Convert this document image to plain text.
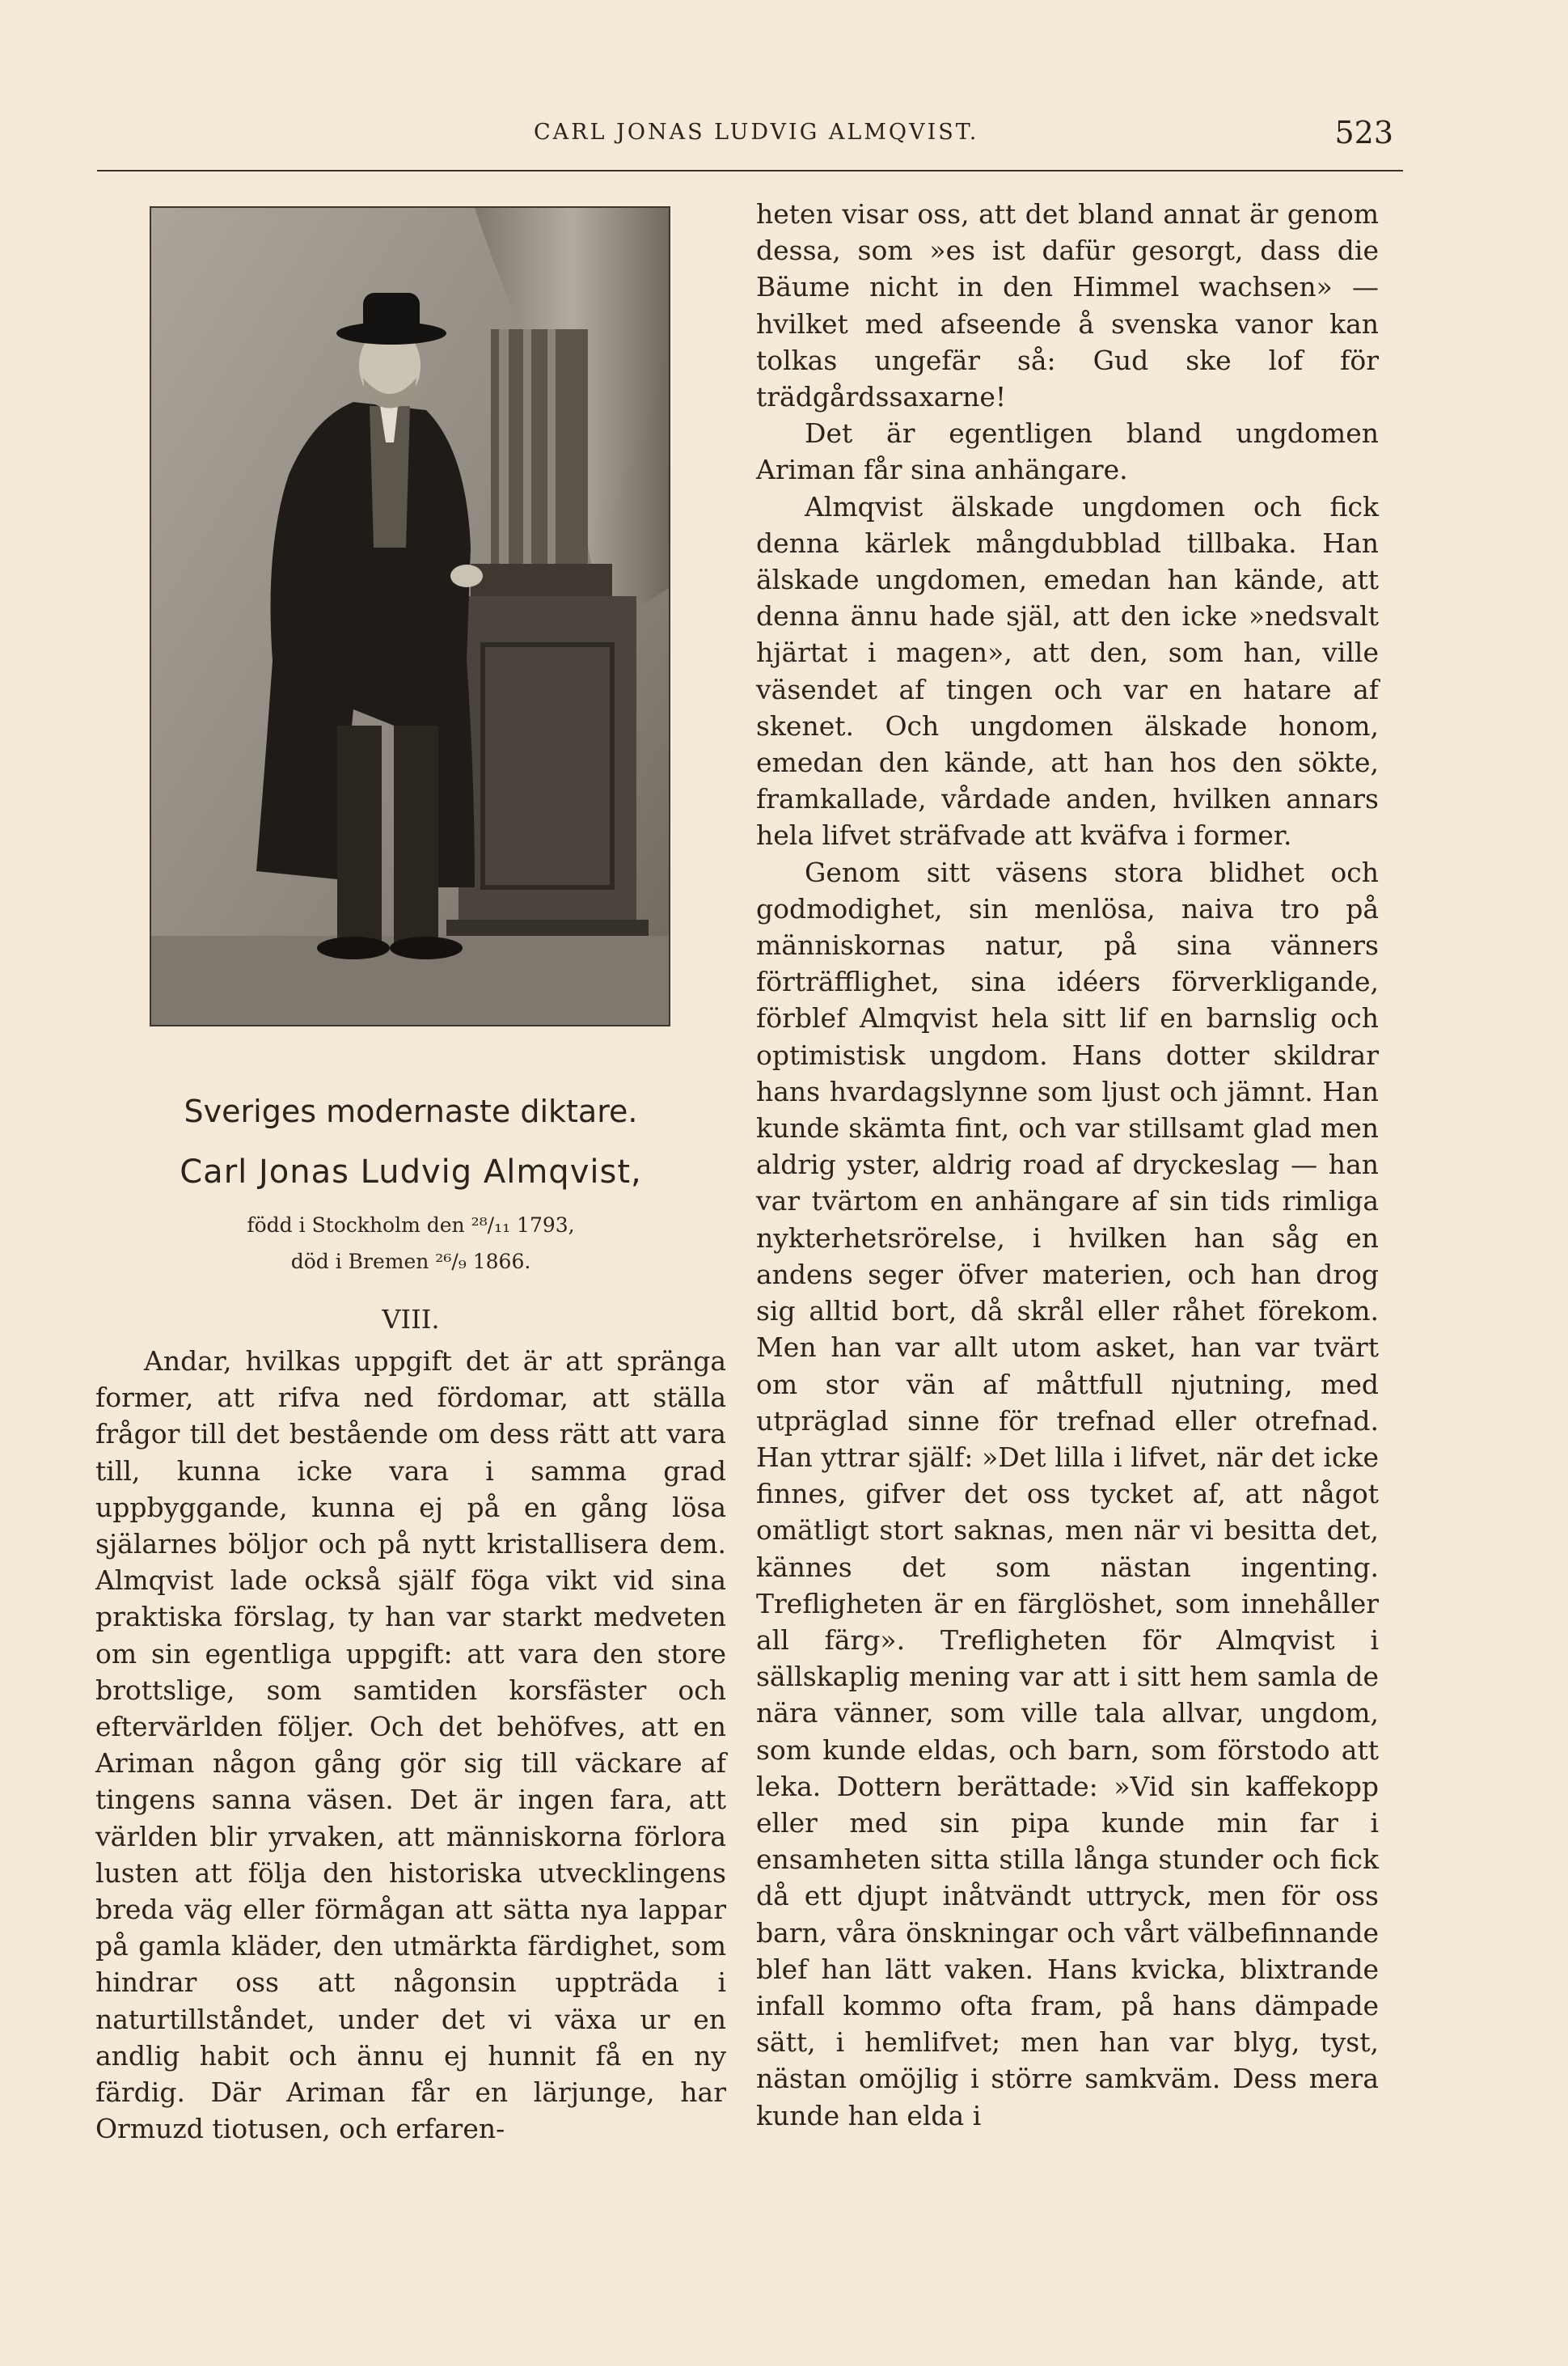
CARL JONAS LUDVIG ALMQVIST.	523
Sveriges modernaste diktare.
Carl Jonas Ludvig Almqvist,
född i Stockholm den ²⁸/₁₁ 1793,
död i Bremen ²⁶/₉ 1866.
VIII.

Andar, hvilkas uppgift det är att spränga former, att rifva ned fördomar, att ställa frågor till det bestående om dess rätt att vara till, kunna icke vara i samma grad uppbyggande, kunna ej på en gång lösa själarnes böljor och på nytt kristallisera dem. Almqvist lade också själf föga vikt vid sina praktiska förslag, ty han var starkt medveten om sin egentliga uppgift: att vara den store brottslige, som samtiden korsfäster och eftervärlden följer. Och det behöfves, att en Ariman någon gång gör sig till väckare af tingens sanna väsen. Det är ingen fara, att världen blir yrvaken, att människorna förlora lusten att följa den historiska utvecklingens breda väg eller förmågan att sätta nya lappar på gamla kläder, den utmärkta färdighet, som hindrar oss att någonsin uppträda i naturtillståndet, under det vi växa ur en andlig habit och ännu ej hunnit få en ny färdig. Där Ariman får en lärjunge, har Ormuzd tiotusen, och erfaren-

heten visar oss, att det bland annat är genom dessa, som »es ist dafür gesorgt, dass die Bäume nicht in den Himmel wachsen» — hvilket med afseende å svenska vanor kan tolkas ungefär så: Gud ske lof för trädgårdssaxarne!

Det är egentligen bland ungdomen Ariman får sina anhängare.

Almqvist älskade ungdomen och fick denna kärlek mångdubblad tillbaka. Han älskade ungdomen, emedan han kände, att denna ännu hade själ, att den icke »nedsvalt hjärtat i magen», att den, som han, ville väsendet af tingen och var en hatare af skenet. Och ungdomen älskade honom, emedan den kände, att han hos den sökte, framkallade, vårdade anden, hvilken annars hela lifvet sträfvade att kväfva i former.

Genom sitt väsens stora blidhet och godmodighet, sin menlösa, naiva tro på människornas natur, på sina vänners förträfflighet, sina idéers förverkligande, förblef Almqvist hela sitt lif en barnslig och optimistisk ungdom. Hans dotter skildrar hans hvardagslynne som ljust och jämnt. Han kunde skämta fint, och var stillsamt glad men aldrig yster, aldrig road af dryckeslag — han var tvärtom en anhängare af sin tids rimliga nykterhetsrörelse, i hvilken han såg en andens seger öfver materien, och han drog sig alltid bort, då skrål eller råhet förekom. Men han var allt utom asket, han var tvärt om stor vän af måttfull njutning, med utpräglad sinne för trefnad eller otrefnad. Han yttrar själf: »Det lilla i lifvet, när det icke finnes, gifver det oss tycket af, att något omätligt stort saknas, men när vi besitta det, kännes det som nästan ingenting. Trefligheten är en färglöshet, som innehåller all färg». Trefligheten för Almqvist i sällskaplig mening var att i sitt hem samla de nära vänner, som ville tala allvar, ungdom, som kunde eldas, och barn, som förstodo att leka. Dottern berättade: »Vid sin kaffekopp eller med sin pipa kunde min far i ensamheten sitta stilla långa stunder och fick då ett djupt inåtvändt uttryck, men för oss barn, våra önskningar och vårt välbefinnande blef han lätt vaken. Hans kvicka, blixtrande infall kommo ofta fram, på hans dämpade sätt, i hemlifvet; men han var blyg, tyst, nästan omöjlig i större samkväm. Dess mera kunde han elda i
